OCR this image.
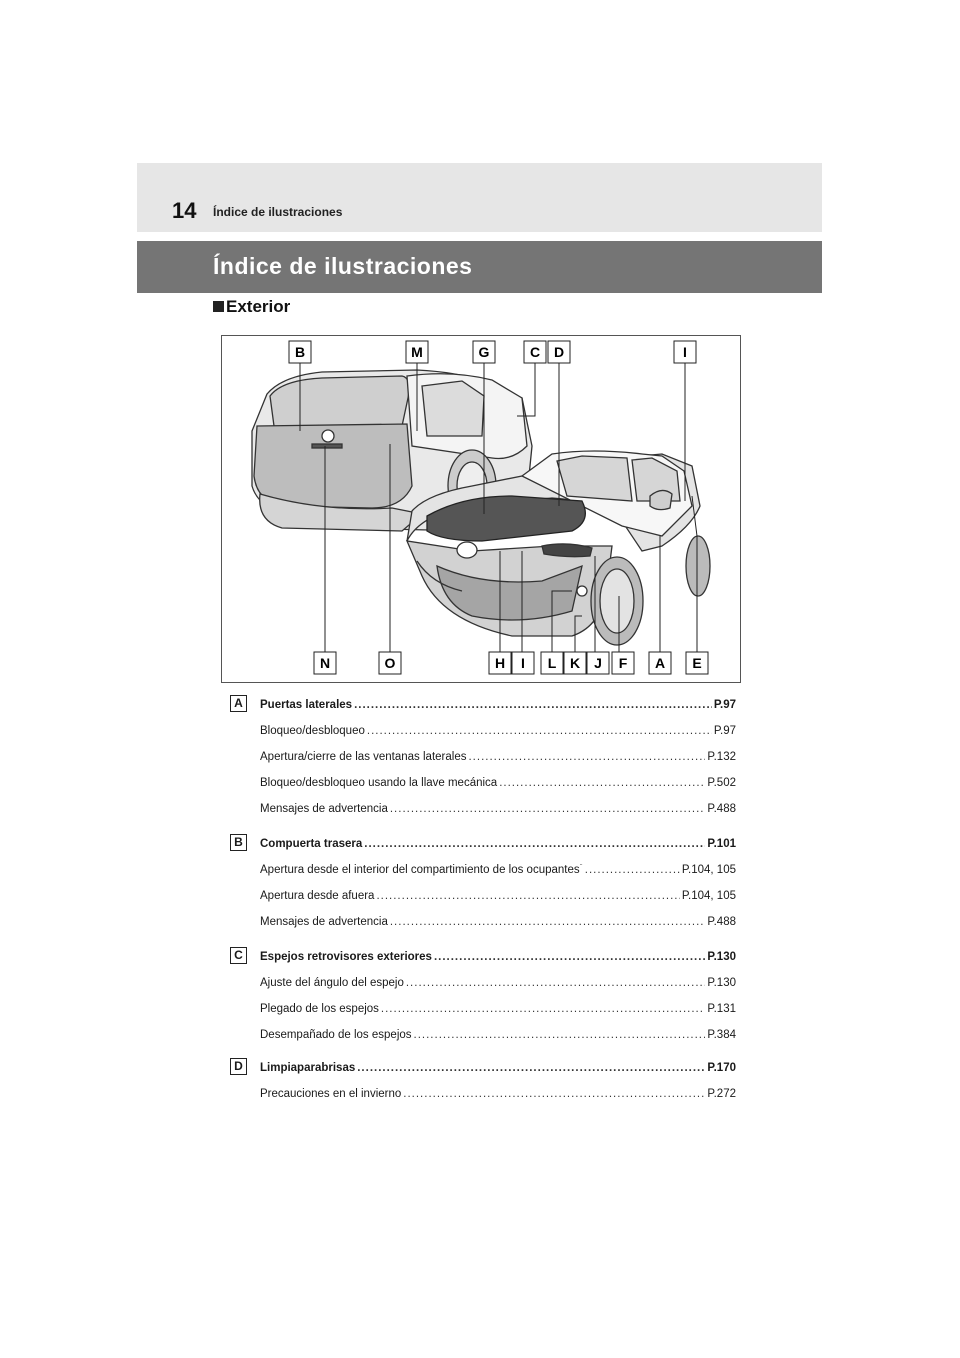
14 Índice de ilustraciones
Índice de ilustraciones
Exterior
B	M	G	C D	I
N	O	H I L K J F A E
A	Puertas laterales .....	P.97
Bloqueo/desbloqueo .....	P.97
Apertura/cierre de las ventanas laterales .....	P.132
Bloqueo/desbloqueo usando la llave mecánica .....	P.502
Mensajes de advertencia .....	P.488
B	Compuerta trasera .....	P.101
Apertura desde el interior del compartimiento de los ocupantes* .....	P.104, 105
Apertura desde afuera .....	P.104, 105
Mensajes de advertencia .....	P.488
C	Espejos retrovisores exteriores .....	P.130
Ajuste del ángulo del espejo .....	P.130
Plegado de los espejos .....	P.131
Desempañado de los espejos .....	P.384
D	Limpiaparabrisas .....	P.170
Precauciones en el invierno .....	P.272
